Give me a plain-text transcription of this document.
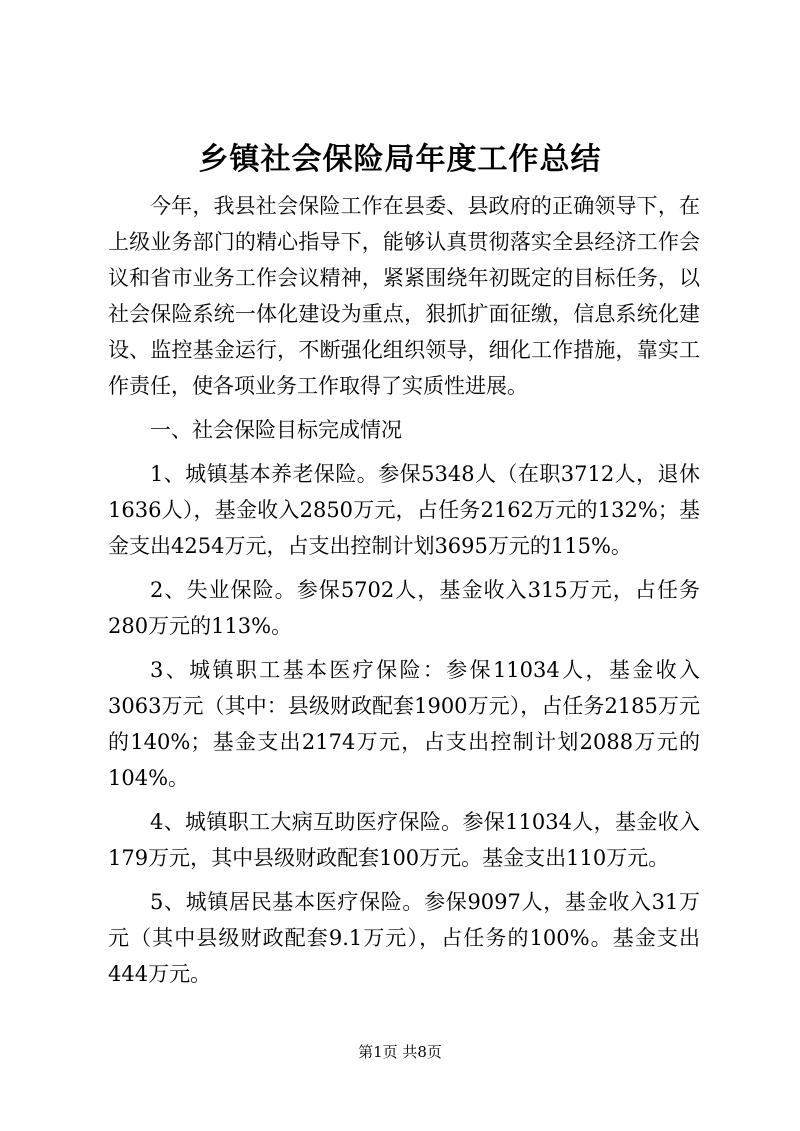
乡镇社会保险局年度工作总结

今年，我县社会保险工作在县委、县政府的正确领导下，在上级业务部门的精心指导下，能够认真贯彻落实全县经济工作会议和省市业务工作会议精神，紧紧围绕年初既定的目标任务，以社会保险系统一体化建设为重点，狠抓扩面征缴，信息系统化建设、监控基金运行，不断强化组织领导，细化工作措施，靠实工作责任，使各项业务工作取得了实质性进展。

一、社会保险目标完成情况

1、城镇基本养老保险。参保5348人（在职3712人，退休1636人），基金收入2850万元，占任务2162万元的132%；基金支出4254万元，占支出控制计划3695万元的115%。

2、失业保险。参保5702人，基金收入315万元，占任务280万元的113%。

3、城镇职工基本医疗保险：参保11034人，基金收入3063万元（其中：县级财政配套1900万元），占任务2185万元的140%；基金支出2174万元，占支出控制计划2088万元的104%。

4、城镇职工大病互助医疗保险。参保11034人，基金收入179万元，其中县级财政配套100万元。基金支出110万元。

5、城镇居民基本医疗保险。参保9097人，基金收入31万元（其中县级财政配套9.1万元），占任务的100%。基金支出444万元。

第1页 共8页
